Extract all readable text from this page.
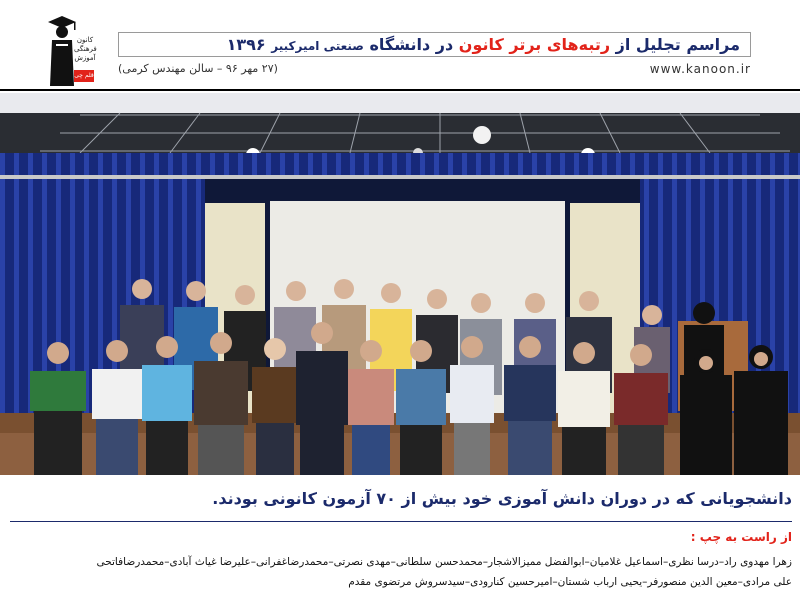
کانون
فرهنگی
آموزش
قلم چی
مراسم تجلیل از رتبه‌های برتر کانون در دانشگاه صنعتی امیرکبیر ۱۳۹۶
(۲۷ مهر ۹۶ – سالن مهندس کرمی)	www.kanoon.ir
دانشجویانی که در دوران دانش آموزی خود بیش از ۷۰ آزمون کانونی بودند.
از راست به چپ :
زهرا مهدوی راد–درسا نظری–اسماعیل غلامیان–ابوالفضل ممیزالاشجار–محمدحسن سلطانی–مهدی نصرتی–محمدرضاغفرانی–علیرضا غیاث آبادی–محمدرضافاتحی
علی مرادی–معین الدین منصورفر–یحیی ارباب شستان–امیرحسین کنارودی–سیدسروش مرتضوی مقدم
